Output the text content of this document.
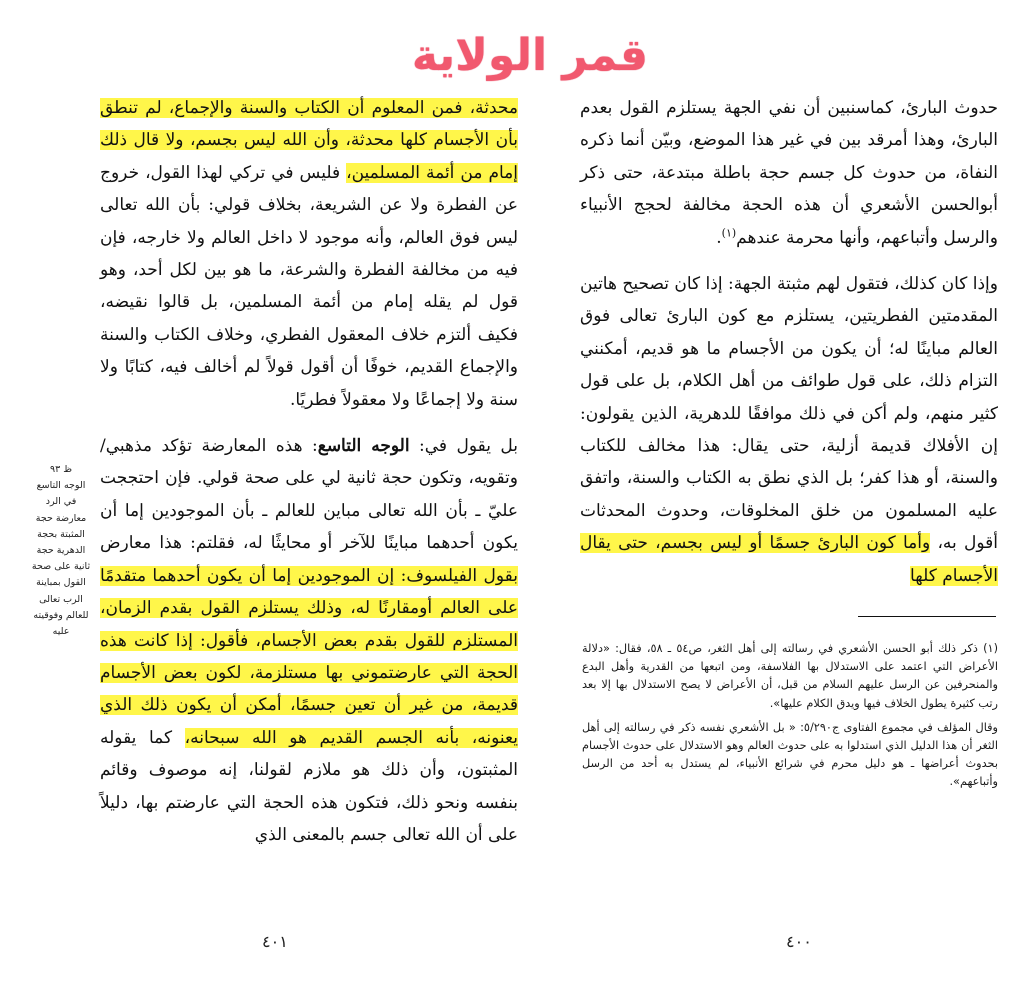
قمر الولاية

محدثة، فمن المعلوم أن الكتاب والسنة والإجماع، لم تنطق بأن الأجسام كلها محدثة، وأن الله ليس بجسم، ولا قال ذلك إمام من أئمة المسلمين، فليس في تركي لهذا القول، خروج عن الفطرة ولا عن الشريعة، بخلاف قولي: بأن الله تعالى ليس فوق العالم، وأنه موجود لا داخل العالم ولا خارجه، فإن فيه من مخالفة الفطرة والشرعة، ما هو بين لكل أحد، وهو قول لم يقله إمام من أئمة المسلمين، بل قالوا نقيضه، فكيف ألتزم خلاف المعقول الفطري، وخلاف الكتاب والسنة والإجماع القديم، خوفًا أن أقول قولاً لم أخالف فيه، كتابًا ولا سنة ولا إجماعًا ولا معقولاً فطريًا.

بل يقول في: الوجه التاسع: هذه المعارضة تؤكد مذهبي/ وتقويه، وتكون حجة ثانية لي على صحة قولي. فإن احتججت عليّ ـ بأن الله تعالى مباين للعالم ـ بأن الموجودين إما أن يكون أحدهما مباينًا للآخر أو محايثًا له، فقلتم: هذا معارض بقول الفيلسوف: إن الموجودين إما أن يكون أحدهما متقدمًا على العالم أومقارنًا له، وذلك يستلزم القول بقدم الزمان، المستلزم للقول بقدم بعض الأجسام، فأقول: إذا كانت هذه الحجة التي عارضتموني بها مستلزمة، لكون بعض الأجسام قديمة، من غير أن تعين جسمًا، أمكن أن يكون ذلك الذي يعنونه، بأنه الجسم القديم هو الله سبحانه، كما يقوله المثبتون، وأن ذلك هو ملازم لقولنا، إنه موصوف وقائم بنفسه ونحو ذلك، فتكون هذه الحجة التي عارضتم بها، دليلاً على أن الله تعالى جسم بالمعنى الذي

ظ ٩٣
الوجه التاسع في الرد معارضة حجة المثبتة بحجة الدهرية حجة ثانية على صحة القول بمباينة الرب تعالى للعالم وفوقيته عليه
٤٠١

حدوث البارئ، كماسنبين أن نفي الجهة يستلزم القول بعدم البارئ، وهذا أمرقد بين في غير هذا الموضع، وبيّن أنما ذكره النفاة، من حدوث كل جسم حجة باطلة مبتدعة، حتى ذكر أبوالحسن الأشعري أن هذه الحجة مخالفة لحجج الأنبياء والرسل وأتباعهم، وأنها محرمة عندهم$^{(١)}$.

وإذا كان كذلك، فتقول لهم مثبتة الجهة: إذا كان تصحيح هاتين المقدمتين الفطريتين، يستلزم مع كون البارئ تعالى فوق العالم مباينًا له؛ أن يكون من الأجسام ما هو قديم، أمكنني التزام ذلك، على قول طوائف من أهل الكلام، بل على قول كثير منهم، ولم أكن في ذلك موافقًا للدهرية، الذين يقولون: إن الأفلاك قديمة أزلية، حتى يقال: هذا مخالف للكتاب والسنة، أو هذا كفر؛ بل الذي نطق به الكتاب والسنة، واتفق عليه المسلمون من خلق المخلوقات، وحدوث المحدثات أقول به، وأما كون البارئ جسمًا أو ليس بجسم، حتى يقال الأجسام كلها

(١) ذكر ذلك أبو الحسن الأشعري في رسالته إلى أهل الثغر، ص٥٤ ـ ٥٨، فقال: «دلالة الأعراض التي اعتمد على الاستدلال بها الفلاسفة، ومن اتبعها من القدرية وأهل البدع والمنحرفين عن الرسل عليهم السلام من قبل، أن الأعراض لا يصح الاستدلال بها إلا بعد رتب كثيرة يطول الخلاف فيها ويدق الكلام عليها».

وقال المؤلف في مجموع الفتاوى ج٥/٢٩٠: « بل الأشعري نفسه ذكر في رسالته إلى أهل الثغر أن هذا الدليل الذي استدلوا به على حدوث العالم وهو الاستدلال على حدوث الأجسام بحدوث أعراضها ـ هو دليل محرم في شرائع الأنبياء، لم يستدل به أحد من الرسل وأتباعهم».

٤٠٠
